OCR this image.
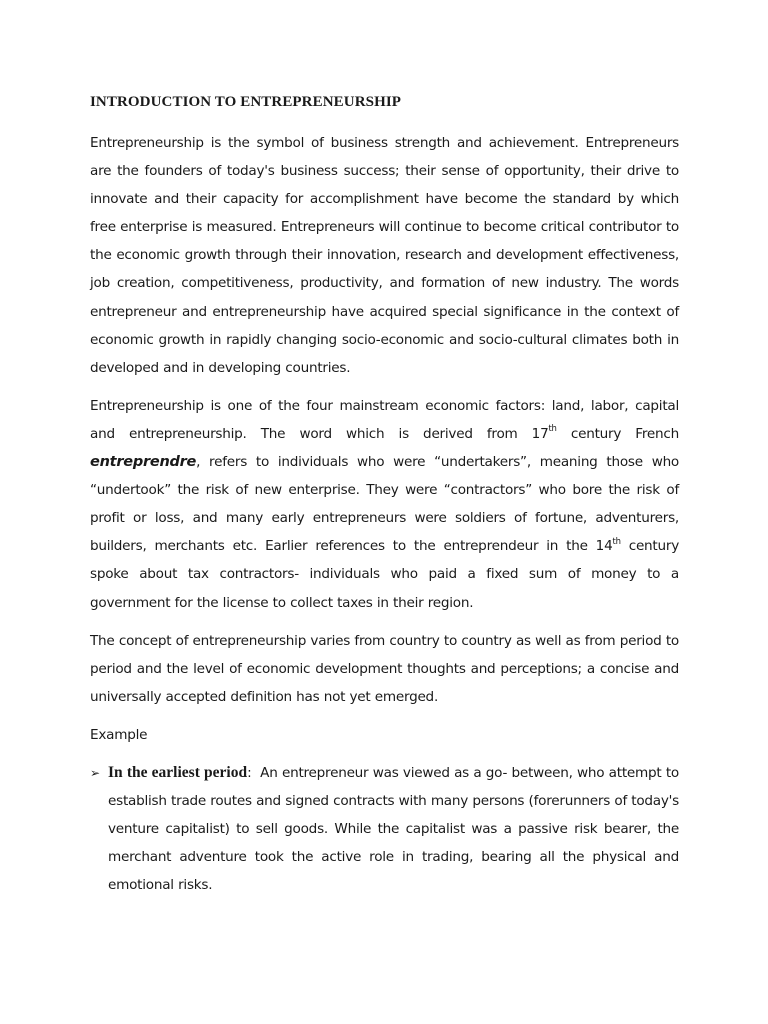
INTRODUCTION TO ENTREPRENEURSHIP

Entrepreneurship is the symbol of business strength and achievement. Entrepreneurs are the founders of today's business success; their sense of opportunity, their drive to innovate and their capacity for accomplishment have become the standard by which free enterprise is measured. Entrepreneurs will continue to become critical contributor to the economic growth through their innovation, research and development effectiveness, job creation, competitiveness, productivity, and formation of new industry. The words entrepreneur and entrepreneurship have acquired special significance in the context of economic growth in rapidly changing socio-economic and socio-cultural climates both in developed and in developing countries.

Entrepreneurship is one of the four mainstream economic factors: land, labor, capital and entrepreneurship. The word which is derived from 17th century French entreprendre, refers to individuals who were “undertakers”, meaning those who “undertook” the risk of new enterprise. They were “contractors” who bore the risk of profit or loss, and many early entrepreneurs were soldiers of fortune, adventurers, builders, merchants etc. Earlier references to the entreprendeur in the 14th century spoke about tax contractors- individuals who paid a fixed sum of money to a government for the license to collect taxes in their region.

The concept of entrepreneurship varies from country to country as well as from period to period and the level of economic development thoughts and perceptions; a concise and universally accepted definition has not yet emerged.

Example

➢ In the earliest period:  An entrepreneur was viewed as a go- between, who attempt to establish trade routes and signed contracts with many persons (forerunners of today's venture capitalist) to sell goods. While the capitalist was a passive risk bearer, the merchant adventure took the active role in trading, bearing all the physical and emotional risks.
